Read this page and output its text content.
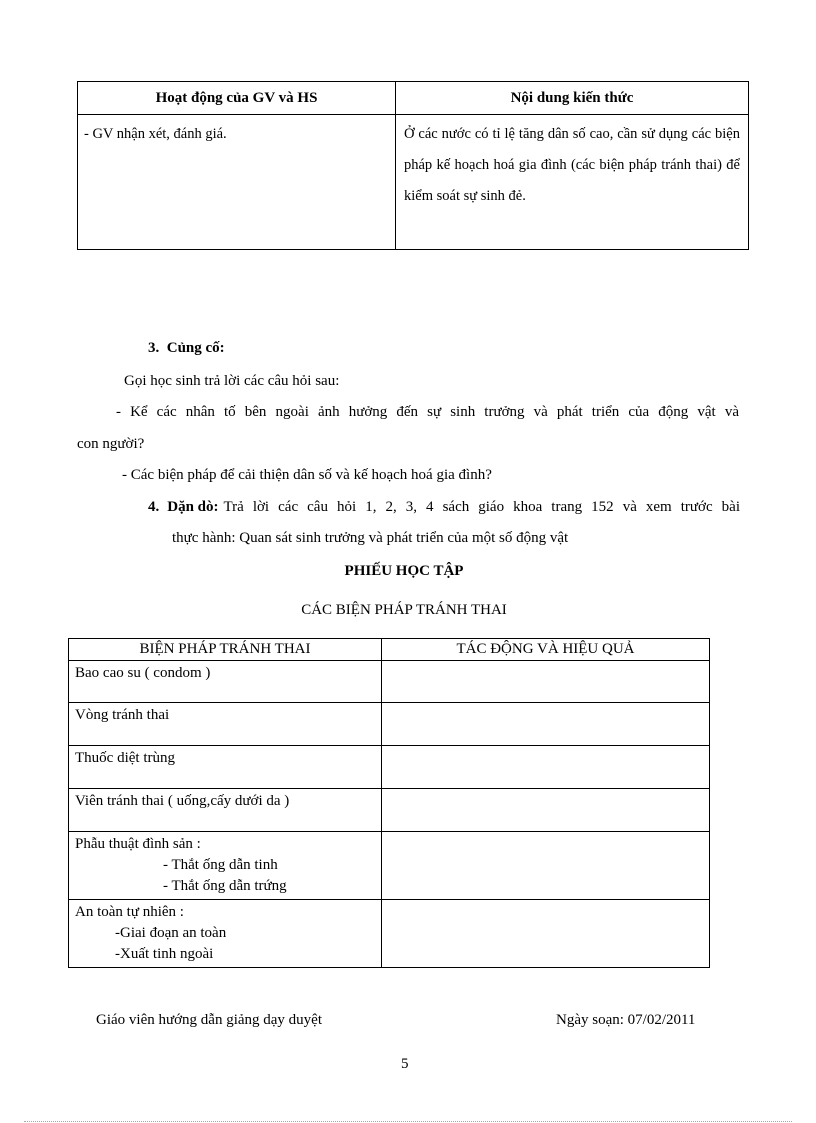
Hoạt động của GV và HS	Nội dung kiến thức
- GV nhận xét, đánh giá.	Ở các nước có tỉ lệ tăng dân số cao, cần sử dụng các biện pháp kế hoạch hoá gia đình (các biện pháp tránh thai) để kiểm soát sự sinh đẻ.
3. Củng cố:
Gọi học sinh trả lời các câu hỏi sau:
- Kể các nhân tố bên ngoài ảnh hưởng đến sự sinh trưởng và phát triển của động vật và
con người?
- Các biện pháp để cải thiện dân số và kế hoạch hoá gia đình?
4. Dặn dò: Trả lời các câu hỏi 1, 2, 3, 4 sách giáo khoa trang 152 và xem trước bài
thực hành: Quan sát sinh trưởng và phát triển của một số động vật
PHIẾU HỌC TẬP
CÁC BIỆN PHÁP TRÁNH THAI
BIỆN PHÁP TRÁNH THAI	TÁC ĐỘNG VÀ HIỆU QUẢ
Bao cao su ( condom )	
Vòng tránh thai	
Thuốc diệt trùng	
Viên tránh thai ( uống,cấy dưới da )	

Phẫu thuật đình sản :
- Thắt ống dẫn tinh
- Thắt ống dẫn trứng	

An toàn tự nhiên :
-Giai đoạn an toàn
-Xuất tinh ngoài	

Giáo viên hướng dẫn giảng dạy duyệt	Ngày soạn: 07/02/2011
5
